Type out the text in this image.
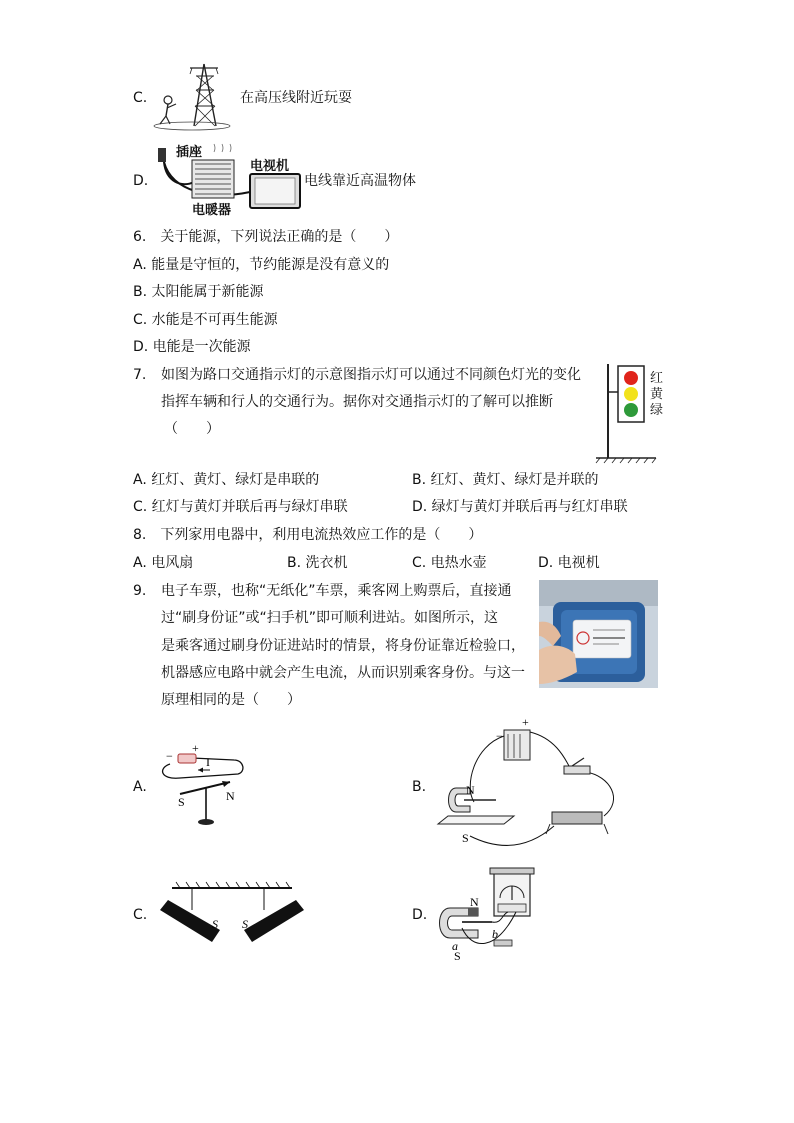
C.	在高压线附近玩耍
D.
插座
电视机
电暖器
电线靠近高温物体
6.　关于能源，下列说法正确的是（　　）
A. 能量是守恒的，节约能源是没有意义的
B. 太阳能属于新能源
C. 水能是不可再生能源
D. 电能是一次能源
7. 如图为路口交通指示灯的示意图指示灯可以通过不同颜色灯光的变化
指挥车辆和行人的交通行为。据你对交通指示灯的了解可以推断
（　　）
红
黄
绿
A. 红灯、黄灯、绿灯是串联的	B. 红灯、黄灯、绿灯是并联的
C. 红灯与黄灯并联后再与绿灯串联	D. 绿灯与黄灯并联后再与红灯串联
8.　下列家用电器中，利用电流热效应工作的是（　　）
A. 电风扇	B. 洗衣机	C. 电热水壶	D. 电视机
9. 电子车票，也称“无纸化”车票，乘客网上购票后，直接通
过“刷身份证”或“扫手机”即可顺利进站。如图所示，这
是乘客通过刷身份证进站时的情景，将身份证靠近检验口，
机器感应电路中就会产生电流，从而识别乘客身份。与这一
原理相同的是（　　）
A.
−
+
I
S	N
B.
−
+
N
S
C.
S S
D.
N
S
a
b
